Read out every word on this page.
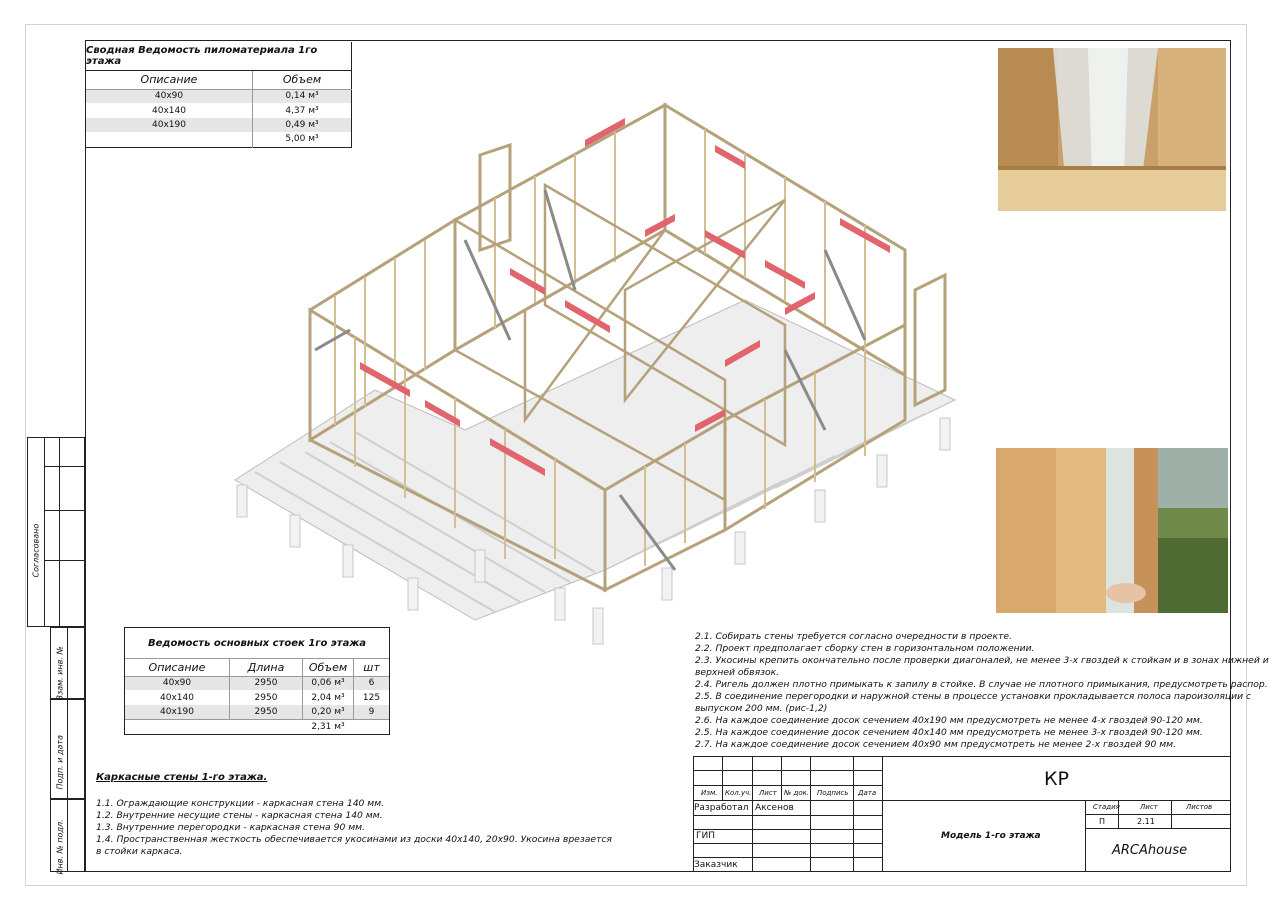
Согласовано
Взам. инв. №
Подп. и дата
Инв. № подл.
Сводная Ведомость пиломатериала 1го этажа
Описание	Объем
40x90	0,14 м³
40x140	4,37 м³
40x190	0,49 м³
	5,00 м³
Ведомость основных стоек 1го этажа
Описание	Длина	Объем	шт
40x90	2950	0,06 м³	6
40x140	2950	2,04 м³	125
40x190	2950	0,20 м³	9
		2,31 м³	
Каркасные стены 1-го этажа.
1.1. Ограждающие конструкции - каркасная стена 140 мм.
1.2. Внутренние несущие стены - каркасная стена 140 мм.
1.3. Внутренние перегородки - каркасная стена 90 мм.
1.4. Пространственная жесткость обеспечивается укосинами из доски 40х140, 20х90. Укосина врезается
в стойки каркаса.
2.1. Собирать стены требуется согласно очередности в проекте.
2.2. Проект предполагает сборку стен в горизонтальном положении.
2.3. Укосины крепить окончательно после проверки диагоналей, не менее 3-х гвоздей к стойкам и в зонах нижней и
верхней обвязок.
2.4. Ригель должен плотно примыкать к запилу в стойке. В случае не плотного примыкания, предусмотреть распор.
2.5. В соединение перегородки и наружной стены в процессе установки прокладывается полоса пароизоляции с
выпуском 200 мм. (рис-1,2)
2.6. На каждое соединение досок сечением 40х190 мм предусмотреть не менее 4-х гвоздей 90-120 мм.
2.5. На каждое соединение досок сечением 40х140 мм предусмотреть не менее 3-х гвоздей 90-120 мм.
2.7. На каждое соединение досок сечением 40х90 мм предусмотреть не менее 2-х гвоздей 90 мм.
КР
Изм. Кол.уч. Лист № док. Подпись Дата
Разработал Аксенов
ГИП
Заказчик
Модель 1-го этажа
Стадия	Лист	Листов
П	2.11
ARCAhouse
